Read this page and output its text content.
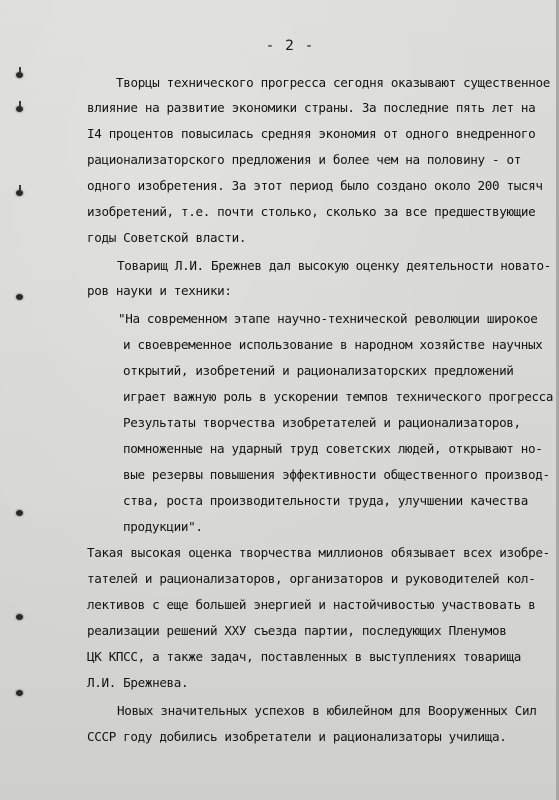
- 2 -
Творцы технического прогресса сегодня оказывают существенное
влияние на развитие экономики страны. За последние пять лет на
I4 процентов повысилась средняя экономия от одного внедренного
рационализаторского предложения и более чем на половину - от
одного изобретения. За этот период было создано около 200 тысяч
изобретений, т.е. почти столько, сколько за все предшествующие
годы Советской власти.
Товарищ Л.И. Брежнев дал высокую оценку деятельности новато-
ров науки и техники:
"На современном этапе научно-технической революции широкое
и своевременное использование в народном хозяйстве научных
открытий, изобретений и рационализаторских предложений
играет важную роль в ускорении темпов технического прогресса
Результаты творчества изобретателей и рационализаторов,
помноженные на ударный труд советских людей, открывают но-
вые резервы повышения эффективности общественного производ-
ства, роста производительности труда, улучшении качества
продукции".
Такая высокая оценка творчества миллионов обязывает всех изобре-
тателей и рационализаторов, организаторов и руководителей кол-
лективов с еще большей энергией и настойчивостью участвовать в
реализации решений XXУ съезда партии, последующих Пленумов
ЦК КПСС, а также задач, поставленных в выступлениях товарища
Л.И. Брежнева.
Новых значительных успехов в юбилейном для Вооруженных Сил
СССР году добились изобретатели и рационализаторы училища.
